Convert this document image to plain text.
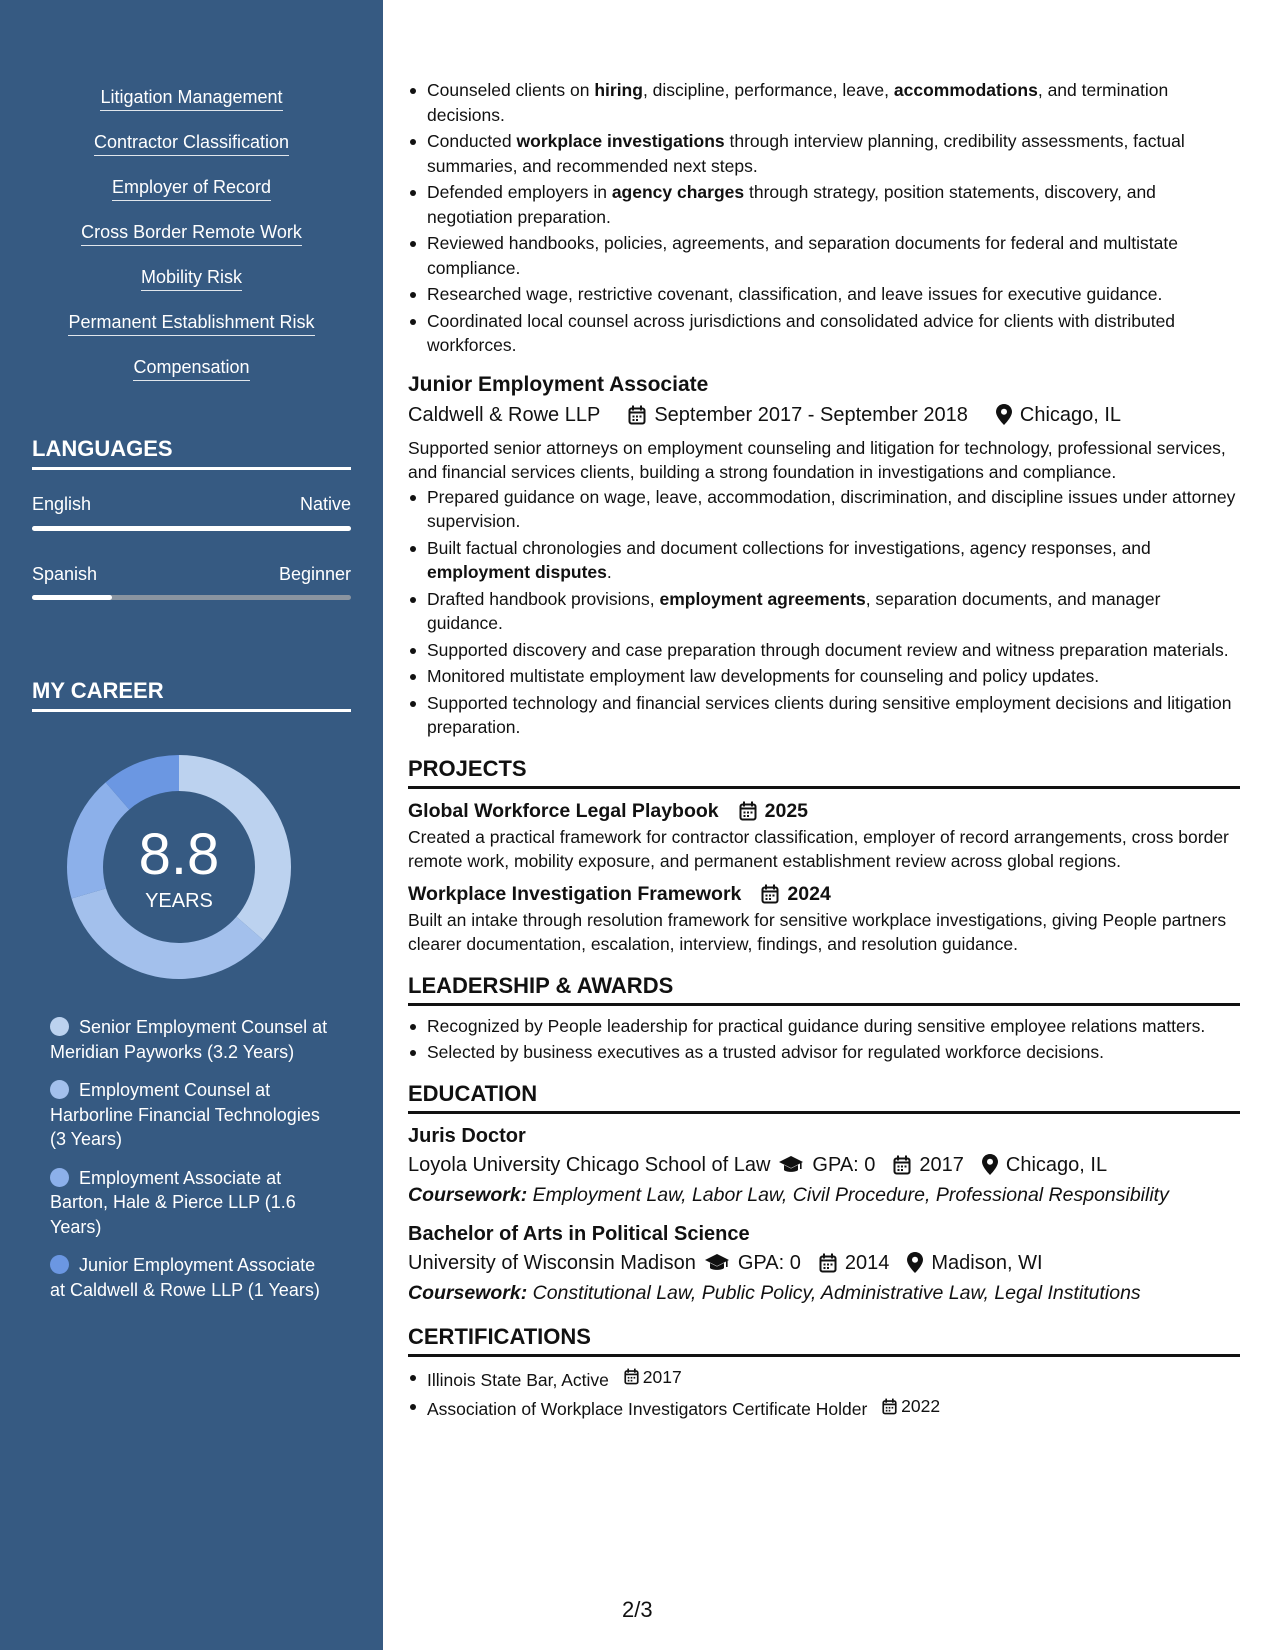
Litigation Management
Contractor Classification
Employer of Record
Cross Border Remote Work
Mobility Risk
Permanent Establishment Risk
Compensation
LANGUAGES
English	Native
Spanish	Beginner
MY CAREER
8.8
YEARS
Senior Employment Counsel at Meridian Payworks (3.2 Years)
Employment Counsel at Harborline Financial Technologies (3 Years)
Employment Associate at Barton, Hale & Pierce LLP (1.6 Years)
Junior Employment Associate at Caldwell & Rowe LLP (1 Years)
Counseled clients on hiring, discipline, performance, leave, accommodations, and termination decisions.
Conducted workplace investigations through interview planning, credibility assessments, factual summaries, and recommended next steps.
Defended employers in agency charges through strategy, position statements, discovery, and negotiation preparation.
Reviewed handbooks, policies, agreements, and separation documents for federal and multistate compliance.
Researched wage, restrictive covenant, classification, and leave issues for executive guidance.
Coordinated local counsel across jurisdictions and consolidated advice for clients with distributed workforces.
Junior Employment Associate
Caldwell & Rowe LLP	September 2017 - September 2018	Chicago, IL
Supported senior attorneys on employment counseling and litigation for technology, professional services, and financial services clients, building a strong foundation in investigations and compliance.
Prepared guidance on wage, leave, accommodation, discrimination, and discipline issues under attorney supervision.
Built factual chronologies and document collections for investigations, agency responses, and employment disputes.
Drafted handbook provisions, employment agreements, separation documents, and manager guidance.
Supported discovery and case preparation through document review and witness preparation materials.
Monitored multistate employment law developments for counseling and policy updates.
Supported technology and financial services clients during sensitive employment decisions and litigation preparation.
PROJECTS
Global Workforce Legal Playbook 2025
Created a practical framework for contractor classification, employer of record arrangements, cross border remote work, mobility exposure, and permanent establishment review across global regions.
Workplace Investigation Framework 2024
Built an intake through resolution framework for sensitive workplace investigations, giving People partners clearer documentation, escalation, interview, findings, and resolution guidance.
LEADERSHIP & AWARDS
Recognized by People leadership for practical guidance during sensitive employee relations matters.
Selected by business executives as a trusted advisor for regulated workforce decisions.
EDUCATION
Juris Doctor
Loyola University Chicago School of Law GPA: 0 2017 Chicago, IL
Coursework: Employment Law, Labor Law, Civil Procedure, Professional Responsibility
Bachelor of Arts in Political Science
University of Wisconsin Madison GPA: 0 2014 Madison, WI
Coursework: Constitutional Law, Public Policy, Administrative Law, Legal Institutions
CERTIFICATIONS
Illinois State Bar, Active 2017
Association of Workplace Investigators Certificate Holder 2022
2/3
